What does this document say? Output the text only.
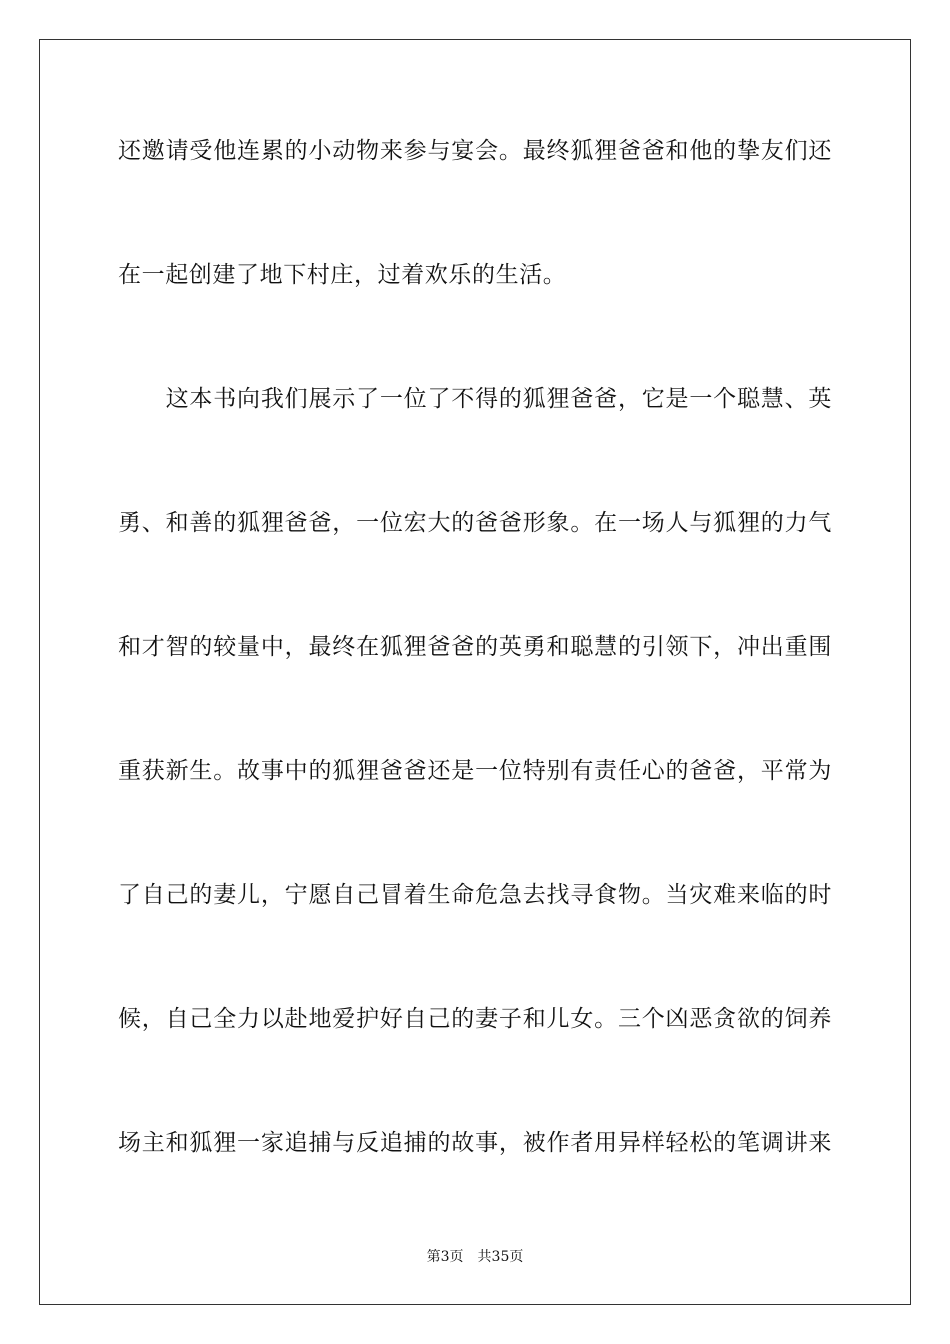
还邀请受他连累的小动物来参与宴会。最终狐狸爸爸和他的挚友们还
在一起创建了地下村庄，过着欢乐的生活。
　　这本书向我们展示了一位了不得的狐狸爸爸，它是一个聪慧、英
勇、和善的狐狸爸爸，一位宏大的爸爸形象。在一场人与狐狸的力气
和才智的较量中，最终在狐狸爸爸的英勇和聪慧的引领下，冲出重围
重获新生。故事中的狐狸爸爸还是一位特别有责任心的爸爸，平常为
了自己的妻儿，宁愿自己冒着生命危急去找寻食物。当灾难来临的时
候，自己全力以赴地爱护好自己的妻子和儿女。三个凶恶贪欲的饲养
场主和狐狸一家追捕与反追捕的故事，被作者用异样轻松的笔调讲来
第3页 共35页
